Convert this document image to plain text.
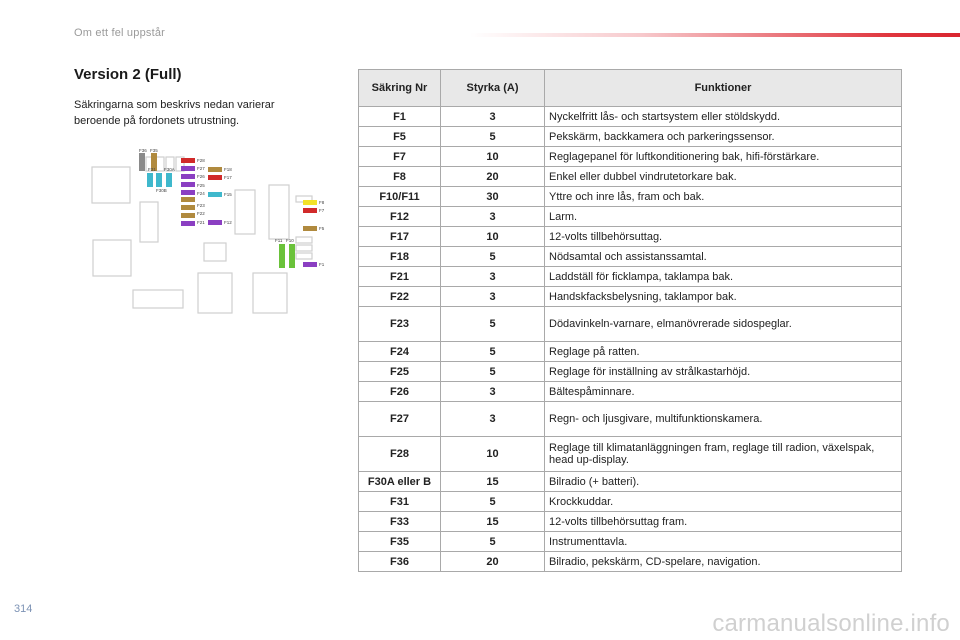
Om ett fel uppstår
Version 2 (Full)
Säkringarna som beskrivs nedan varierar beroende på fordonets utrustning.
F36 F35
F31 F30A
F30B
F28
F27
F26
F25
F24
F23
F22
F21
F18
F17
F15
F12
F11 F10
F8
F7
F5
F1
Säkring Nr	Styrka (A)	Funktioner
F1	3	Nyckelfritt lås- och startsystem eller stöldskydd.
F5	5	Pekskärm, backkamera och parkeringssensor.
F7	10	Reglagepanel för luftkonditionering bak, hifi-förstärkare.
F8	20	Enkel eller dubbel vindrutetorkare bak.
F10/F11	30	Yttre och inre lås, fram och bak.
F12	3	Larm.
F17	10	12-volts tillbehörsuttag.
F18	5	Nödsamtal och assistanssamtal.
F21	3	Laddställ för ficklampa, taklampa bak.
F22	3	Handskfacksbelysning, taklampor bak.
F23	5	Dödavinkeln-varnare, elmanövrerade sidospeglar.
F24	5	Reglage på ratten.
F25	5	Reglage för inställning av strålkastarhöjd.
F26	3	Bältespåminnare.
F27	3	Regn- och ljusgivare, multifunktionskamera.
F28	10	Reglage till klimatanläggningen fram, reglage till radion, växelspak, head up-display.
F30A eller B	15	Bilradio (+ batteri).
F31	5	Krockkuddar.
F33	15	12-volts tillbehörsuttag fram.
F35	5	Instrumenttavla.
F36	20	Bilradio, pekskärm, CD-spelare, navigation.
314
carmanualsonline.info
